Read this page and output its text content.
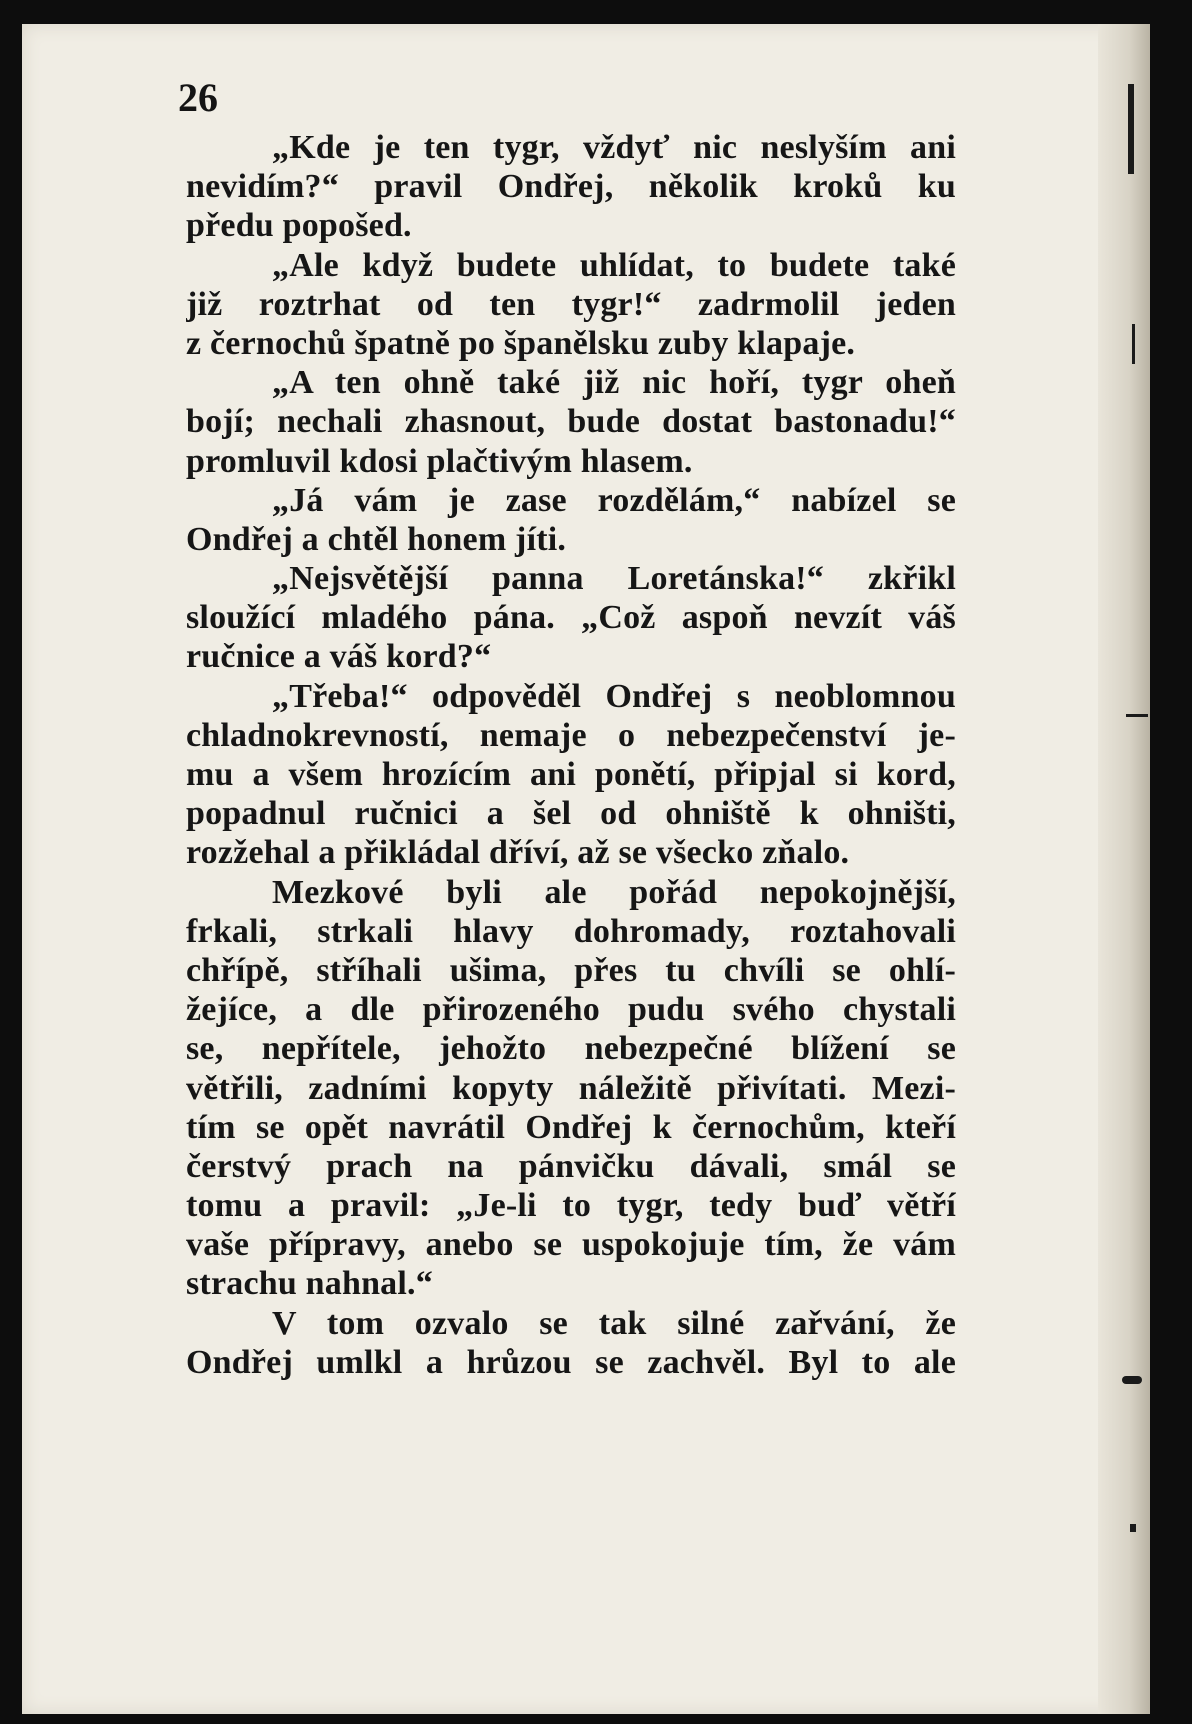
26
„Kde je ten tygr, vždyť nic neslyším ani
nevidím?“ pravil Ondřej, několik kroků ku
předu popošed.
„Ale když budete uhlídat, to budete také
již roztrhat od ten tygr!“ zadrmolil jeden
z černochů špatně po španělsku zuby klapaje.
„A ten ohně také již nic hoří, tygr oheň
bojí; nechali zhasnout, bude dostat bastonadu!“
promluvil kdosi plačtivým hlasem.
„Já vám je zase rozdělám,“ nabízel se
Ondřej a chtěl honem jíti.
„Nejsvětější panna Loretánska!“ zkřikl
sloužící mladého pána. „Což aspoň nevzít váš
ručnice a váš kord?“
„Třeba!“ odpověděl Ondřej s neoblomnou
chladnokrevností, nemaje o nebezpečenství je-
mu a všem hrozícím ani ponětí, připjal si kord,
popadnul ručnici a šel od ohniště k ohništi,
rozžehal a přikládal dříví, až se všecko zňalo.
Mezkové byli ale pořád nepokojnější,
frkali, strkali hlavy dohromady, roztahovali
chřípě, stříhali ušima, přes tu chvíli se ohlí-
žejíce, a dle přirozeného pudu svého chystali
se, nepřítele, jehožto nebezpečné blížení se
větřili, zadními kopyty náležitě přivítati. Mezi-
tím se opět navrátil Ondřej k černochům, kteří
čerstvý prach na pánvičku dávali, smál se
tomu a pravil: „Je-li to tygr, tedy buď větří
vaše přípravy, anebo se uspokojuje tím, že vám
strachu nahnal.“
V tom ozvalo se tak silné zařvání, že
Ondřej umlkl a hrůzou se zachvěl. Byl to ale
